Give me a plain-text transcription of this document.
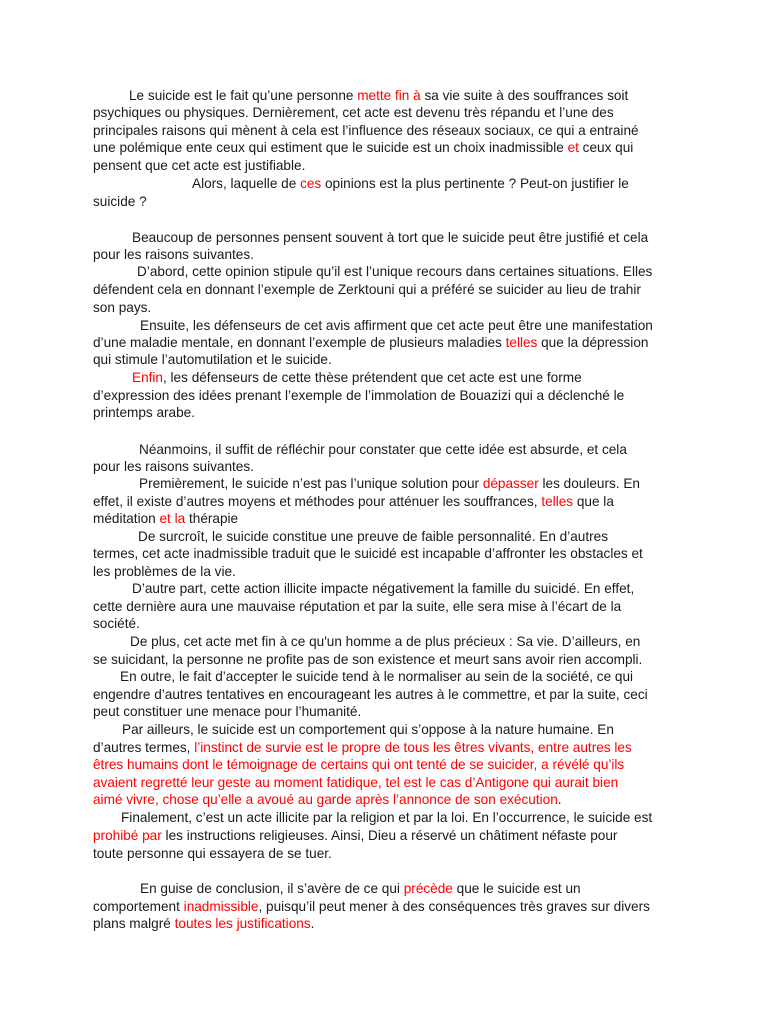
Le suicide est le fait qu’une personne mette fin à sa vie suite à des souffrances soit
psychiques ou physiques. Dernièrement, cet acte est devenu très répandu et l’une des
principales raisons qui mènent à cela est l’influence des réseaux sociaux, ce qui a entrainé
une polémique ente ceux qui estiment que le suicide est un choix inadmissible et ceux qui
pensent que cet acte est justifiable.
Alors, laquelle de ces opinions est la plus pertinente ? Peut-on justifier le
suicide ?
Beaucoup de personnes pensent souvent à tort que le suicide peut être justifié et cela
pour les raisons suivantes.
D’abord, cette opinion stipule qu’il est l’unique recours dans certaines situations. Elles
défendent cela en donnant l’exemple de Zerktouni qui a préféré se suicider au lieu de trahir
son pays.
Ensuite, les défenseurs de cet avis affirment que cet acte peut être une manifestation
d’une maladie mentale, en donnant l’exemple de plusieurs maladies telles que la dépression
qui stimule l’automutilation et le suicide.
Enfin, les défenseurs de cette thèse prétendent que cet acte est une forme
d’expression des idées prenant l’exemple de l’immolation de Bouazizi qui a déclenché le
printemps arabe.
Néanmoins, il suffit de réfléchir pour constater que cette idée est absurde, et cela
pour les raisons suivantes.
Premièrement, le suicide n’est pas l’unique solution pour dépasser les douleurs. En
effet, il existe d’autres moyens et méthodes pour atténuer les souffrances, telles que la
méditation et la thérapie
De surcroît, le suicide constitue une preuve de faible personnalité. En d’autres
termes, cet acte inadmissible traduit que le suicidé est incapable d’affronter les obstacles et
les problèmes de la vie.
D’autre part, cette action illicite impacte négativement la famille du suicidé. En effet,
cette dernière aura une mauvaise réputation et par la suite, elle sera mise à l’écart de la
société.
De plus, cet acte met fin à ce qu'un homme a de plus précieux : Sa vie. D’ailleurs, en
se suicidant, la personne ne profite pas de son existence et meurt sans avoir rien accompli.
En outre, le fait d’accepter le suicide tend à le normaliser au sein de la société, ce qui
engendre d’autres tentatives en encourageant les autres à le commettre, et par la suite, ceci
peut constituer une menace pour l’humanité.
Par ailleurs, le suicide est un comportement qui s’oppose à la nature humaine. En
d’autres termes, l’instinct de survie est le propre de tous les êtres vivants, entre autres les
êtres humains dont le témoignage de certains qui ont tenté de se suicider, a révélé qu’ils
avaient regretté leur geste au moment fatidique, tel est le cas d’Antigone qui aurait bien
aimé vivre, chose qu’elle a avoué au garde après l’annonce de son exécution.
Finalement, c’est un acte illicite par la religion et par la loi. En l’occurrence, le suicide est
prohibé par les instructions religieuses. Ainsi, Dieu a réservé un châtiment néfaste pour
toute personne qui essayera de se tuer.
En guise de conclusion, il s’avère de ce qui précède que le suicide est un
comportement inadmissible, puisqu’il peut mener à des conséquences très graves sur divers
plans malgré toutes les justifications.
